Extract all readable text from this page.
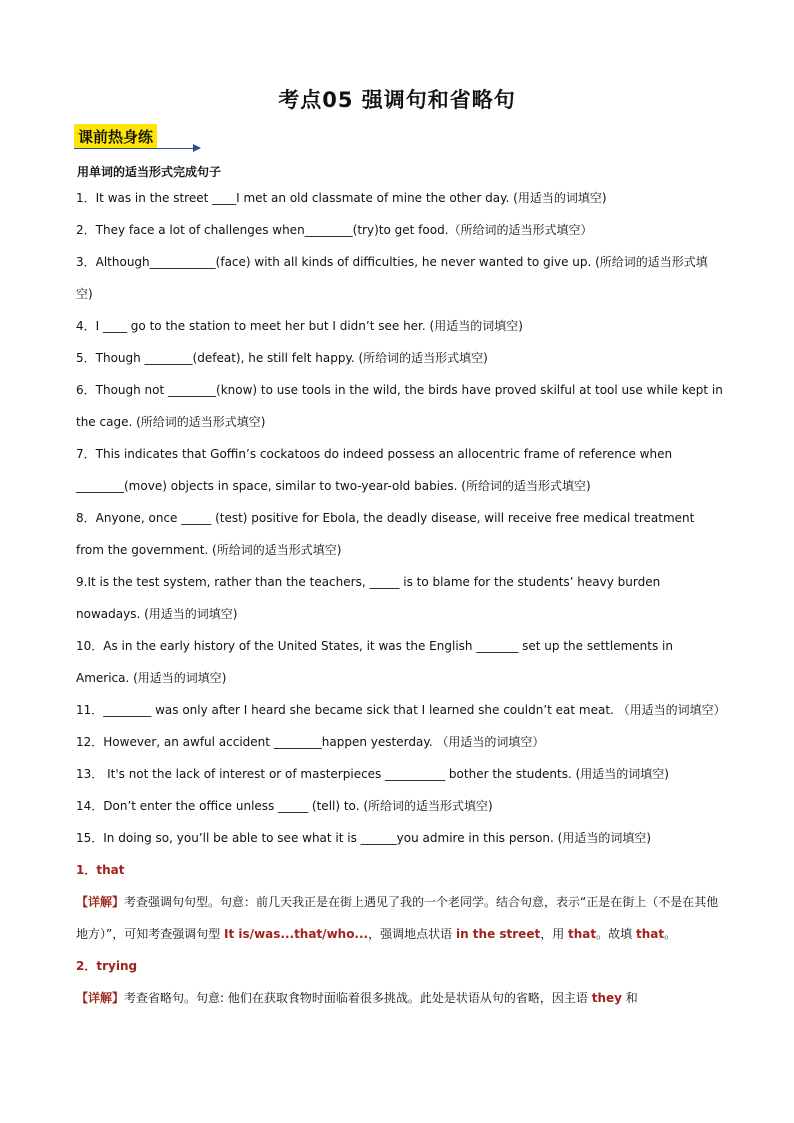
考点05 强调句和省略句
课前热身练
用单词的适当形式完成句子

1．It was in the street ____I met an old classmate of mine the other day. (用适当的词填空)

2．They face a lot of challenges when________(try)to get food.（所给词的适当形式填空）

3．Although___________(face) with all kinds of difficulties, he never wanted to give up. (所给词的适当形式填空)

4．I ____ go to the station to meet her but I didn’t see her. (用适当的词填空)

5．Though ________(defeat), he still felt happy. (所给词的适当形式填空)

6．Though not ________(know) to use tools in the wild, the birds have proved skilful at tool use while kept in the cage. (所给词的适当形式填空)

7．This indicates that Goffin’s cockatoos do indeed possess an allocentric frame of reference when ________(move) objects in space, similar to two-year-old babies. (所给词的适当形式填空)

8．Anyone, once _____ (test) positive for Ebola, the deadly disease, will receive free medical treatment from the government. (所给词的适当形式填空)

9.It is the test system, rather than the teachers, _____ is to blame for the students’ heavy burden nowadays. (用适当的词填空)

10．As in the early history of the United States, it was the English _______ set up the settlements in America. (用适当的词填空)

11．________ was only after I heard she became sick that I learned she couldn’t eat meat. （用适当的词填空）

12．However, an awful accident ________happen yesterday. （用适当的词填空）

13． It's not the lack of interest or of masterpieces __________ bother the students. (用适当的词填空)

14．Don’t enter the office unless _____ (tell) to. (所给词的适当形式填空)

15．In doing so, you’ll be able to see what it is ______you admire in this person. (用适当的词填空)

1．that

【详解】考查强调句句型。句意：前几天我正是在街上遇见了我的一个老同学。结合句意，表示“正是在街上（不是在其他地方）”，可知考查强调句型 It is/was...that/who...，强调地点状语 in the street，用 that。故填 that。

2．trying

【详解】考查省略句。句意: 他们在获取食物时面临着很多挑战。此处是状语从句的省略，因主语 they 和
